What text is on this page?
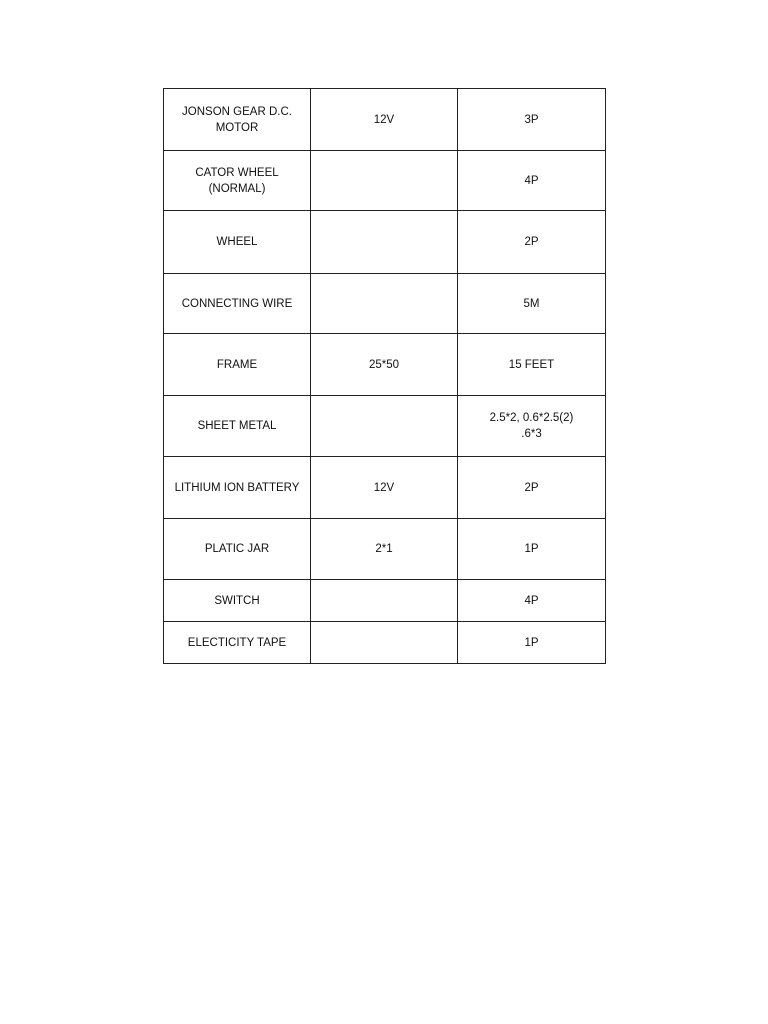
JONSON GEAR D.C.
MOTOR	12V	3P
CATOR WHEEL
(NORMAL)		4P
WHEEL		2P
CONNECTING WIRE		5M
FRAME	25*50	15 FEET
SHEET METAL		2.5*2, 0.6*2.5(2)
.6*3
LITHIUM ION BATTERY	12V	2P
PLATIC JAR	2*1	1P
SWITCH		4P
ELECTICITY TAPE		1P
